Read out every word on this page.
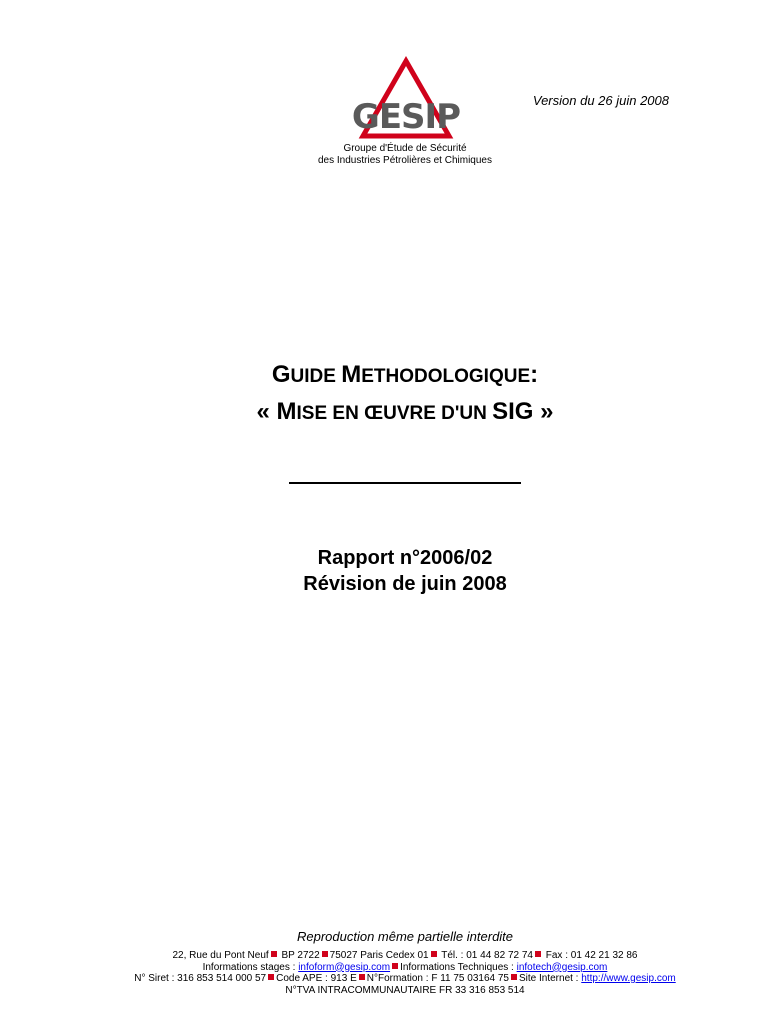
GESIP	Version du 26 juin 2008
Groupe d'Étude de Sécurité
des Industries Pétrolières et Chimiques
GUIDE METHODOLOGIQUE:
« MISE EN ŒUVRE D'UN SIG »
Rapport n°2006/02
Révision de juin 2008
Reproduction même partielle interdite
22, Rue du Pont Neuf BP 2722 75027 Paris Cedex 01 Tél. : 01 44 82 72 74 Fax : 01 42 21 32 86
Informations stages : infoform@gesip.com Informations Techniques : infotech@gesip.com
N° Siret : 316 853 514 000 57 Code APE : 913 E N°Formation : F 11 75 03164 75 Site Internet : http://www.gesip.com
N°TVA INTRACOMMUNAUTAIRE FR 33 316 853 514
